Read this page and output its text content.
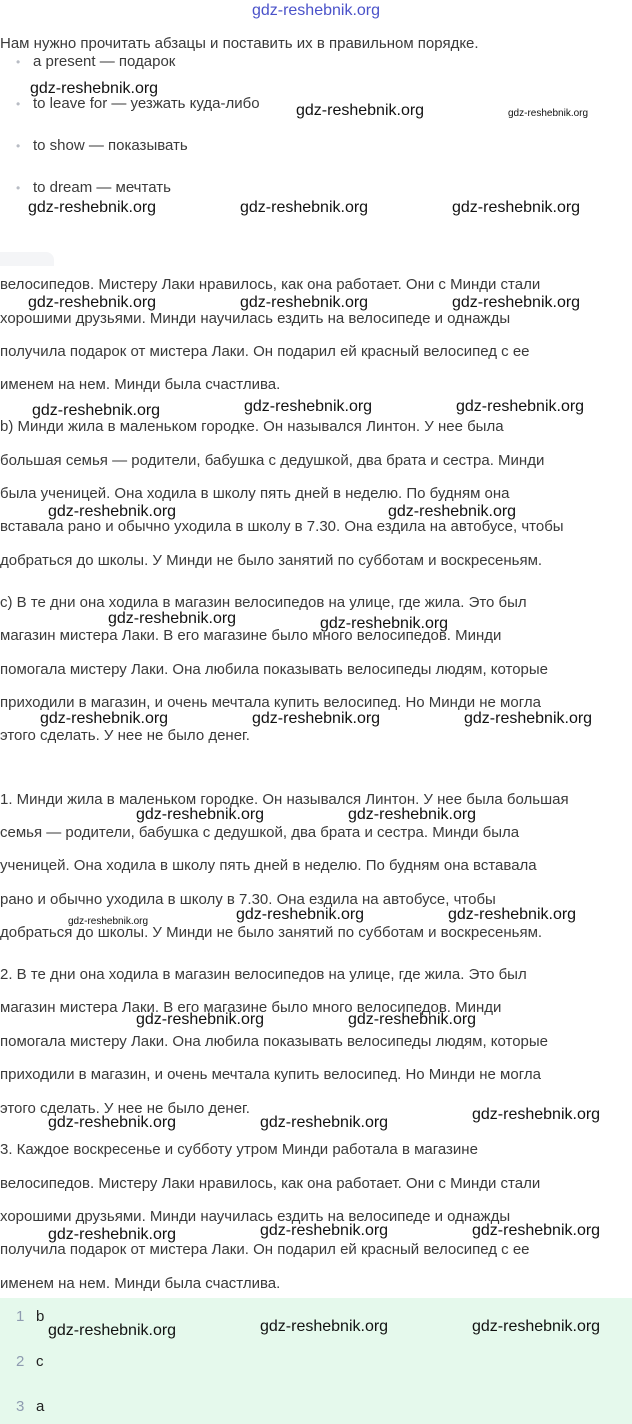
gdz-reshebnik.org
Нам нужно прочитать абзацы и поставить их в правильном порядке.
• a present — подарок
• to leave for — уезжать куда-либо
• to show — показывать
• to dream — мечтать
велосипедов. Мистеру Лаки нравилось, как она работает. Они с Минди стали
хорошими друзьями. Минди научилась ездить на велосипеде и однажды
получила подарок от мистера Лаки. Он подарил ей красный велосипед с ее
именем на нем. Минди была счастлива.
b) Минди жила в маленьком городке. Он назывался Линтон. У нее была
большая семья — родители, бабушка с дедушкой, два брата и сестра. Минди
была ученицей. Она ходила в школу пять дней в неделю. По будням она
вставала рано и обычно уходила в школу в 7.30. Она ездила на автобусе, чтобы
добраться до школы. У Минди не было занятий по субботам и воскресеньям.
c) В те дни она ходила в магазин велосипедов на улице, где жила. Это был
магазин мистера Лаки. В его магазине было много велосипедов. Минди
помогала мистеру Лаки. Она любила показывать велосипеды людям, которые
приходили в магазин, и очень мечтала купить велосипед. Но Минди не могла
этого сделать. У нее не было денег.
1. Минди жила в маленьком городке. Он назывался Линтон. У нее была большая
семья — родители, бабушка с дедушкой, два брата и сестра. Минди была
ученицей. Она ходила в школу пять дней в неделю. По будням она вставала
рано и обычно уходила в школу в 7.30. Она ездила на автобусе, чтобы
добраться до школы. У Минди не было занятий по субботам и воскресеньям.
2. В те дни она ходила в магазин велосипедов на улице, где жила. Это был
магазин мистера Лаки. В его магазине было много велосипедов. Минди
помогала мистеру Лаки. Она любила показывать велосипеды людям, которые
приходили в магазин, и очень мечтала купить велосипед. Но Минди не могла
этого сделать. У нее не было денег.
3. Каждое воскресенье и субботу утром Минди работала в магазине
велосипедов. Мистеру Лаки нравилось, как она работает. Они с Минди стали
хорошими друзьями. Минди научилась ездить на велосипеде и однажды
получила подарок от мистера Лаки. Он подарил ей красный велосипед с ее
именем на нем. Минди была счастлива.
1 b
2 c
3 a
gdz-reshebnik.org
gdz-reshebnik.org	gdz-reshebnik.org
gdz-reshebnik.org	gdz-reshebnik.org	gdz-reshebnik.org
gdz-reshebnik.org	gdz-reshebnik.org	gdz-reshebnik.org
gdz-reshebnik.org	gdz-reshebnik.org	gdz-reshebnik.org
gdz-reshebnik.org	gdz-reshebnik.org
gdz-reshebnik.org	gdz-reshebnik.org
gdz-reshebnik.org	gdz-reshebnik.org	gdz-reshebnik.org
gdz-reshebnik.org	gdz-reshebnik.org
gdz-reshebnik.org	gdz-reshebnik.org	gdz-reshebnik.org
gdz-reshebnik.org	gdz-reshebnik.org
gdz-reshebnik.org	gdz-reshebnik.org	gdz-reshebnik.org
gdz-reshebnik.org	gdz-reshebnik.org	gdz-reshebnik.org
gdz-reshebnik.org	gdz-reshebnik.org	gdz-reshebnik.org
